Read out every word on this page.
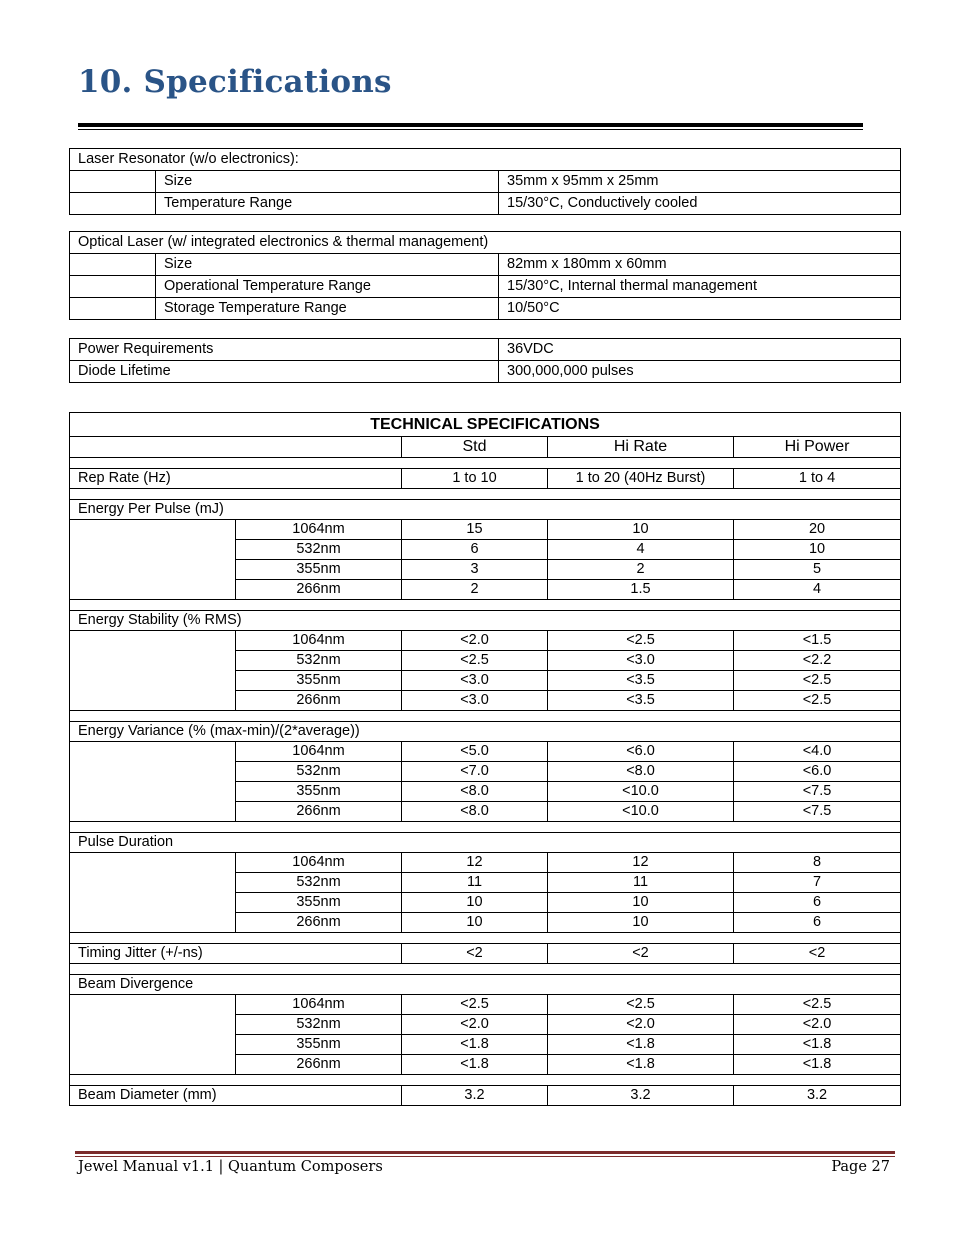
10. Specifications
Laser Resonator (w/o electronics):		
	Size	35mm x 95mm x 25mm
	Temperature Range	15/30°C, Conductively cooled
Optical Laser (w/ integrated electronics & thermal management)		
	Size	82mm x 180mm x 60mm
	Operational Temperature Range	15/30°C, Internal thermal management
	Storage Temperature Range	10/50°C
Power Requirements	36VDC
Diode Lifetime	300,000,000 pulses
TECHNICAL SPECIFICATIONS				
		Std	Hi Rate	Hi Power

Rep Rate (Hz)		1 to 10	1 to 20 (40Hz Burst)	1 to 4

Energy Per Pulse (mJ)				
	1064nm	15	10	20
	532nm	6	4	10
	355nm	3	2	5
	266nm	2	1.5	4

Energy Stability (% RMS)				
	1064nm	<2.0	<2.5	<1.5
	532nm	<2.5	<3.0	<2.2
	355nm	<3.0	<3.5	<2.5
	266nm	<3.0	<3.5	<2.5

Energy Variance (% (max-min)/(2*average))				
	1064nm	<5.0	<6.0	<4.0
	532nm	<7.0	<8.0	<6.0
	355nm	<8.0	<10.0	<7.5
	266nm	<8.0	<10.0	<7.5

Pulse Duration				
	1064nm	12	12	8
	532nm	11	11	7
	355nm	10	10	6
	266nm	10	10	6

Timing Jitter (+/-ns)		<2	<2	<2

Beam Divergence				
	1064nm	<2.5	<2.5	<2.5
	532nm	<2.0	<2.0	<2.0
	355nm	<1.8	<1.8	<1.8
	266nm	<1.8	<1.8	<1.8

Beam Diameter (mm)		3.2	3.2	3.2
Jewel Manual v1.1 | Quantum Composers	Page 27
